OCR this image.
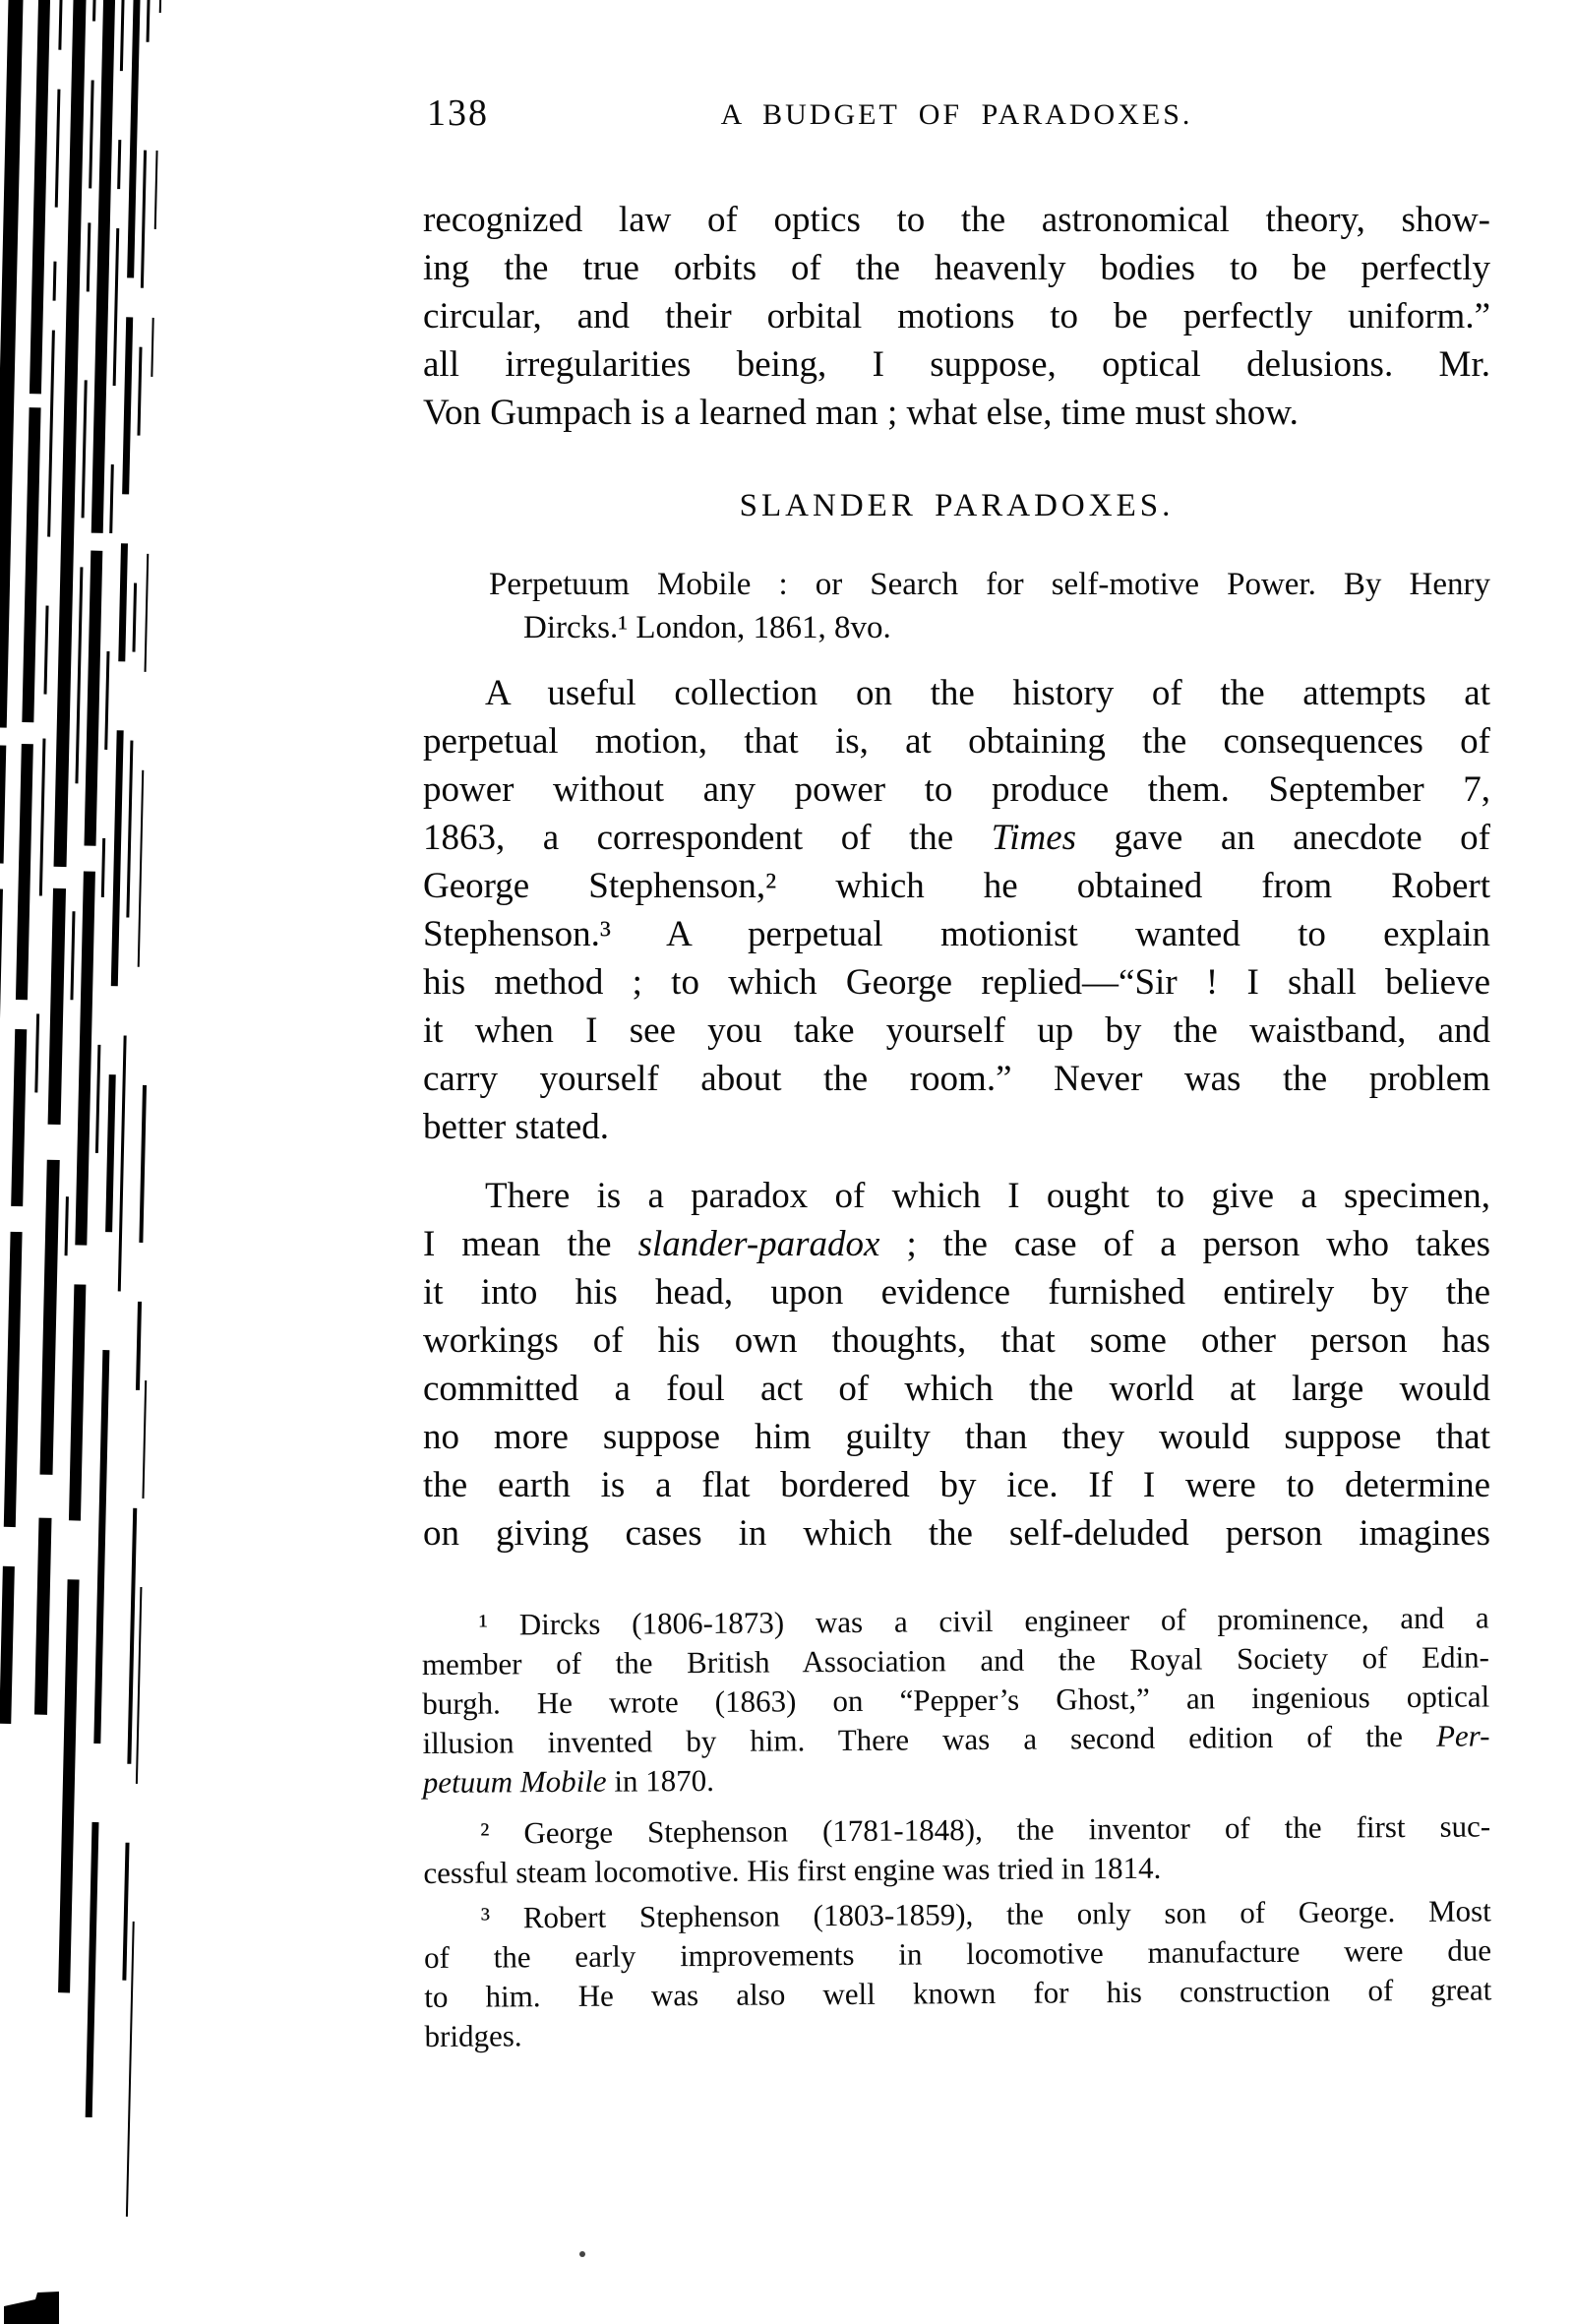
138	A BUDGET OF PARADOXES.
recognized law of optics to the astronomical theory, show-
ing the true orbits of the heavenly bodies to be perfectly
circular, and their orbital motions to be perfectly uniform.”
all irregularities being, I suppose, optical delusions. Mr.
Von Gumpach is a learned man ; what else, time must show.
SLANDER PARADOXES.
Perpetuum Mobile : or Search for self-motive Power. By Henry
Dircks.¹ London, 1861, 8vo.
A useful collection on the history of the attempts at
perpetual motion, that is, at obtaining the consequences of
power without any power to produce them. September 7,
1863, a correspondent of the Times gave an anecdote of
George Stephenson,² which he obtained from Robert
Stephenson.³ A perpetual motionist wanted to explain
his method ; to which George replied—“Sir ! I shall believe
it when I see you take yourself up by the waistband, and
carry yourself about the room.” Never was the problem
better stated.
There is a paradox of which I ought to give a specimen,
I mean the slander-paradox ; the case of a person who takes
it into his head, upon evidence furnished entirely by the
workings of his own thoughts, that some other person has
committed a foul act of which the world at large would
no more suppose him guilty than they would suppose that
the earth is a flat bordered by ice. If I were to determine
on giving cases in which the self-deluded person imagines
¹ Dircks (1806-1873) was a civil engineer of prominence, and a
member of the British Association and the Royal Society of Edin-
burgh. He wrote (1863) on “Pepper’s Ghost,” an ingenious optical
illusion invented by him. There was a second edition of the Per-
petuum Mobile in 1870.
² George Stephenson (1781-1848), the inventor of the first suc-
cessful steam locomotive. His first engine was tried in 1814.
³ Robert Stephenson (1803-1859), the only son of George. Most
of the early improvements in locomotive manufacture were due
to him. He was also well known for his construction of great
bridges.
